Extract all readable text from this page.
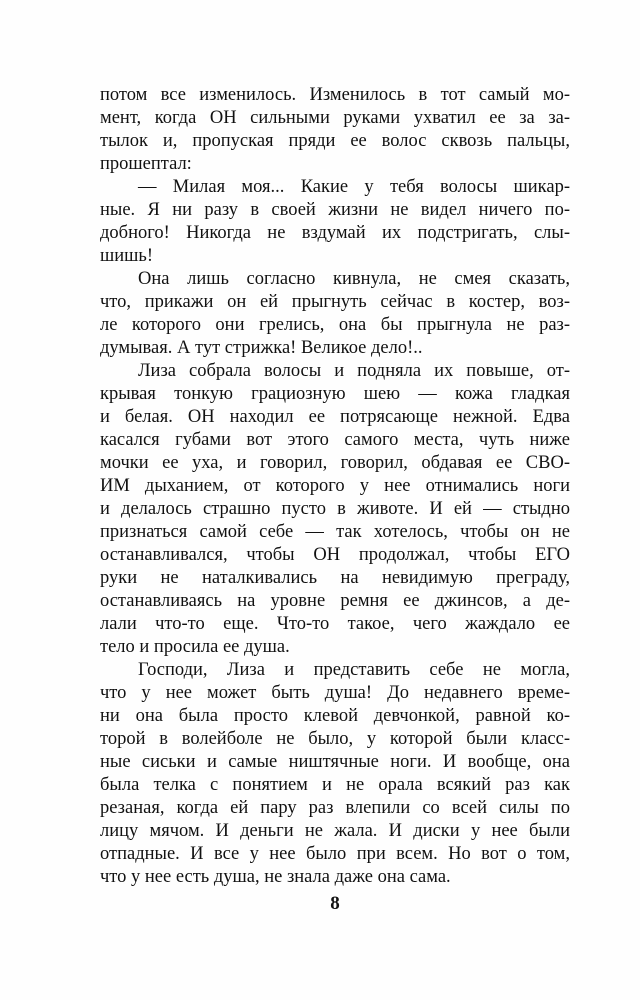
потом все изменилось. Изменилось в тот самый мо-
мент, когда ОН сильными руками ухватил ее за за-
тылок и, пропуская пряди ее волос сквозь пальцы,
прошептал:
— Милая моя... Какие у тебя волосы шикар-
ные. Я ни разу в своей жизни не видел ничего по-
добного! Никогда не вздумай их подстригать, слы-
шишь!
Она лишь согласно кивнула, не смея сказать,
что, прикажи он ей прыгнуть сейчас в костер, воз-
ле которого они грелись, она бы прыгнула не раз-
думывая. А тут стрижка! Великое дело!..
Лиза собрала волосы и подняла их повыше, от-
крывая тонкую грациозную шею — кожа гладкая
и белая. ОН находил ее потрясающе нежной. Едва
касался губами вот этого самого места, чуть ниже
мочки ее уха, и говорил, говорил, обдавая ее СВО-
ИМ дыханием, от которого у нее отнимались ноги
и делалось страшно пусто в животе. И ей — стыдно
признаться самой себе — так хотелось, чтобы он не
останавливался, чтобы ОН продолжал, чтобы ЕГО
руки не наталкивались на невидимую преграду,
останавливаясь на уровне ремня ее джинсов, а де-
лали что-то еще. Что-то такое, чего жаждало ее
тело и просила ее душа.
Господи, Лиза и представить себе не могла,
что у нее может быть душа! До недавнего време-
ни она была просто клевой девчонкой, равной ко-
торой в волейболе не было, у которой были класс-
ные сиськи и самые ништячные ноги. И вообще, она
была телка с понятием и не орала всякий раз как
резаная, когда ей пару раз влепили со всей силы по
лицу мячом. И деньги не жала. И диски у нее были
отпадные. И все у нее было при всем. Но вот о том,
что у нее есть душа, не знала даже она сама.
8
